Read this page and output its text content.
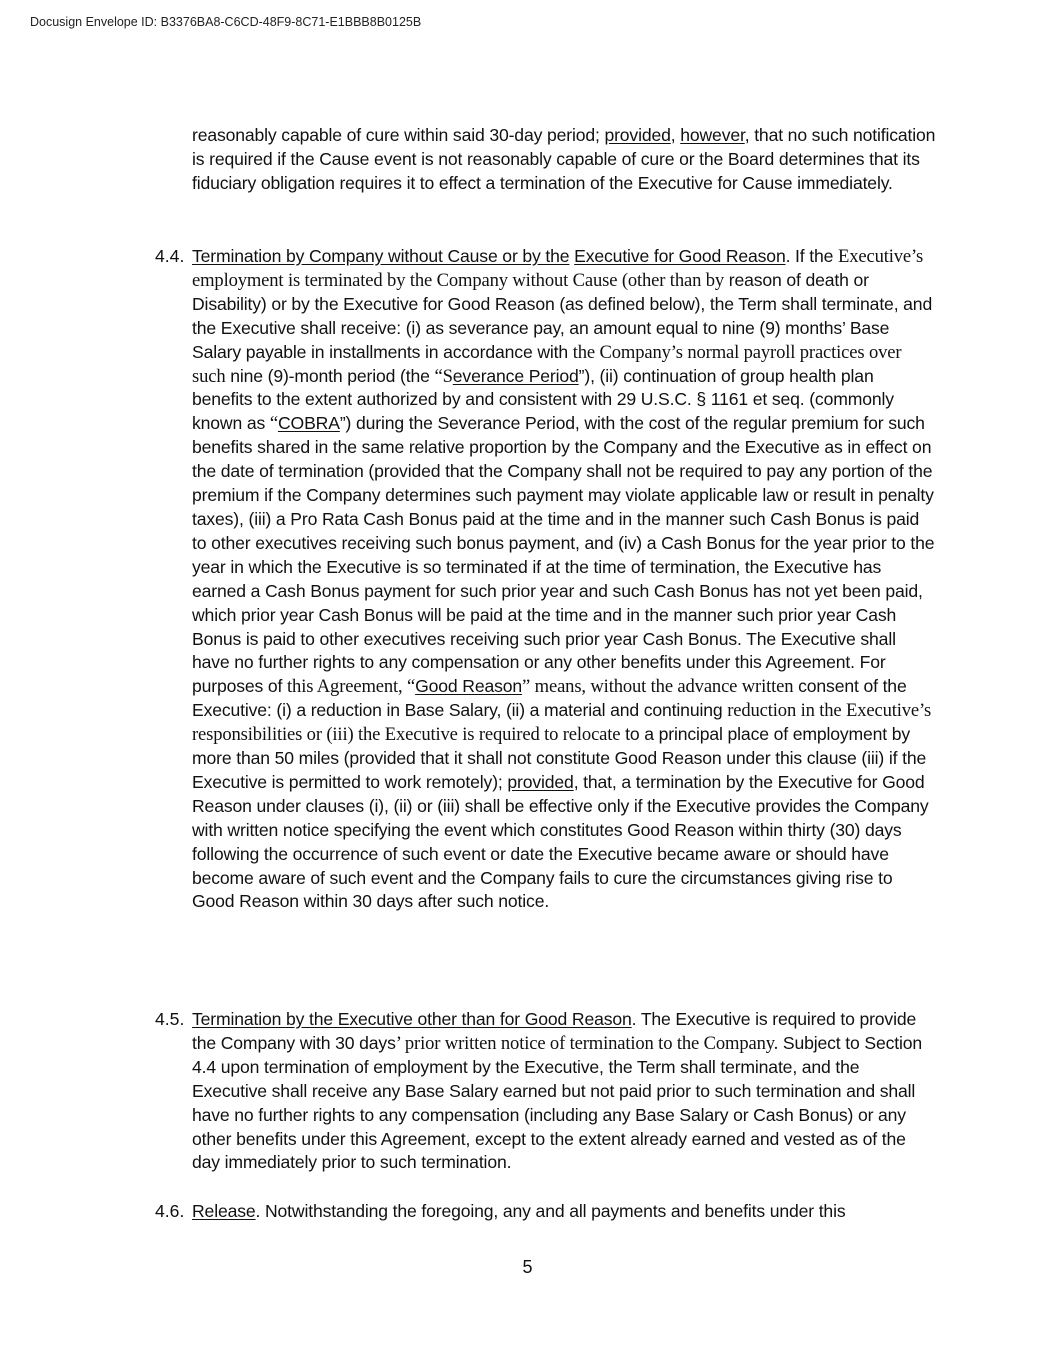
Docusign Envelope ID: B3376BA8-C6CD-48F9-8C71-E1BBB8B0125B

reasonably capable of cure within said 30-day period; provided, however, that no such notification is required if the Cause event is not reasonably capable of cure or the Board determines that its fiduciary obligation requires it to effect a termination of the Executive for Cause immediately.

4.4. Termination by Company without Cause or by the Executive for Good Reason. If the Executive’s employment is terminated by the Company without Cause (other than by reason of death or Disability) or by the Executive for Good Reason (as defined below), the Term shall terminate, and the Executive shall receive: (i) as severance pay, an amount equal to nine (9) months’ Base Salary payable in installments in accordance with the Company’s normal payroll practices over such nine (9)-month period (the “Severance Period”), (ii) continuation of group health plan benefits to the extent authorized by and consistent with 29 U.S.C. § 1161 et seq. (commonly known as “COBRA”) during the Severance Period, with the cost of the regular premium for such benefits shared in the same relative proportion by the Company and the Executive as in effect on the date of termination (provided that the Company shall not be required to pay any portion of the premium if the Company determines such payment may violate applicable law or result in penalty taxes), (iii) a Pro Rata Cash Bonus paid at the time and in the manner such Cash Bonus is paid to other executives receiving such bonus payment, and (iv) a Cash Bonus for the year prior to the year in which the Executive is so terminated if at the time of termination, the Executive has earned a Cash Bonus payment for such prior year and such Cash Bonus has not yet been paid, which prior year Cash Bonus will be paid at the time and in the manner such prior year Cash Bonus is paid to other executives receiving such prior year Cash Bonus. The Executive shall have no further rights to any compensation or any other benefits under this Agreement. For purposes of this Agreement, “Good Reason” means, without the advance written consent of the Executive: (i) a reduction in Base Salary, (ii) a material and continuing reduction in the Executive’s responsibilities or (iii) the Executive is required to relocate to a principal place of employment by more than 50 miles (provided that it shall not constitute Good Reason under this clause (iii) if the Executive is permitted to work remotely); provided, that, a termination by the Executive for Good Reason under clauses (i), (ii) or (iii) shall be effective only if the Executive provides the Company with written notice specifying the event which constitutes Good Reason within thirty (30) days following the occurrence of such event or date the Executive became aware or should have become aware of such event and the Company fails to cure the circumstances giving rise to Good Reason within 30 days after such notice.

4.5. Termination by the Executive other than for Good Reason. The Executive is required to provide the Company with 30 days’ prior written notice of termination to the Company. Subject to Section 4.4 upon termination of employment by the Executive, the Term shall terminate, and the Executive shall receive any Base Salary earned but not paid prior to such termination and shall have no further rights to any compensation (including any Base Salary or Cash Bonus) or any other benefits under this Agreement, except to the extent already earned and vested as of the day immediately prior to such termination.

4.6. Release. Notwithstanding the foregoing, any and all payments and benefits under this

5
